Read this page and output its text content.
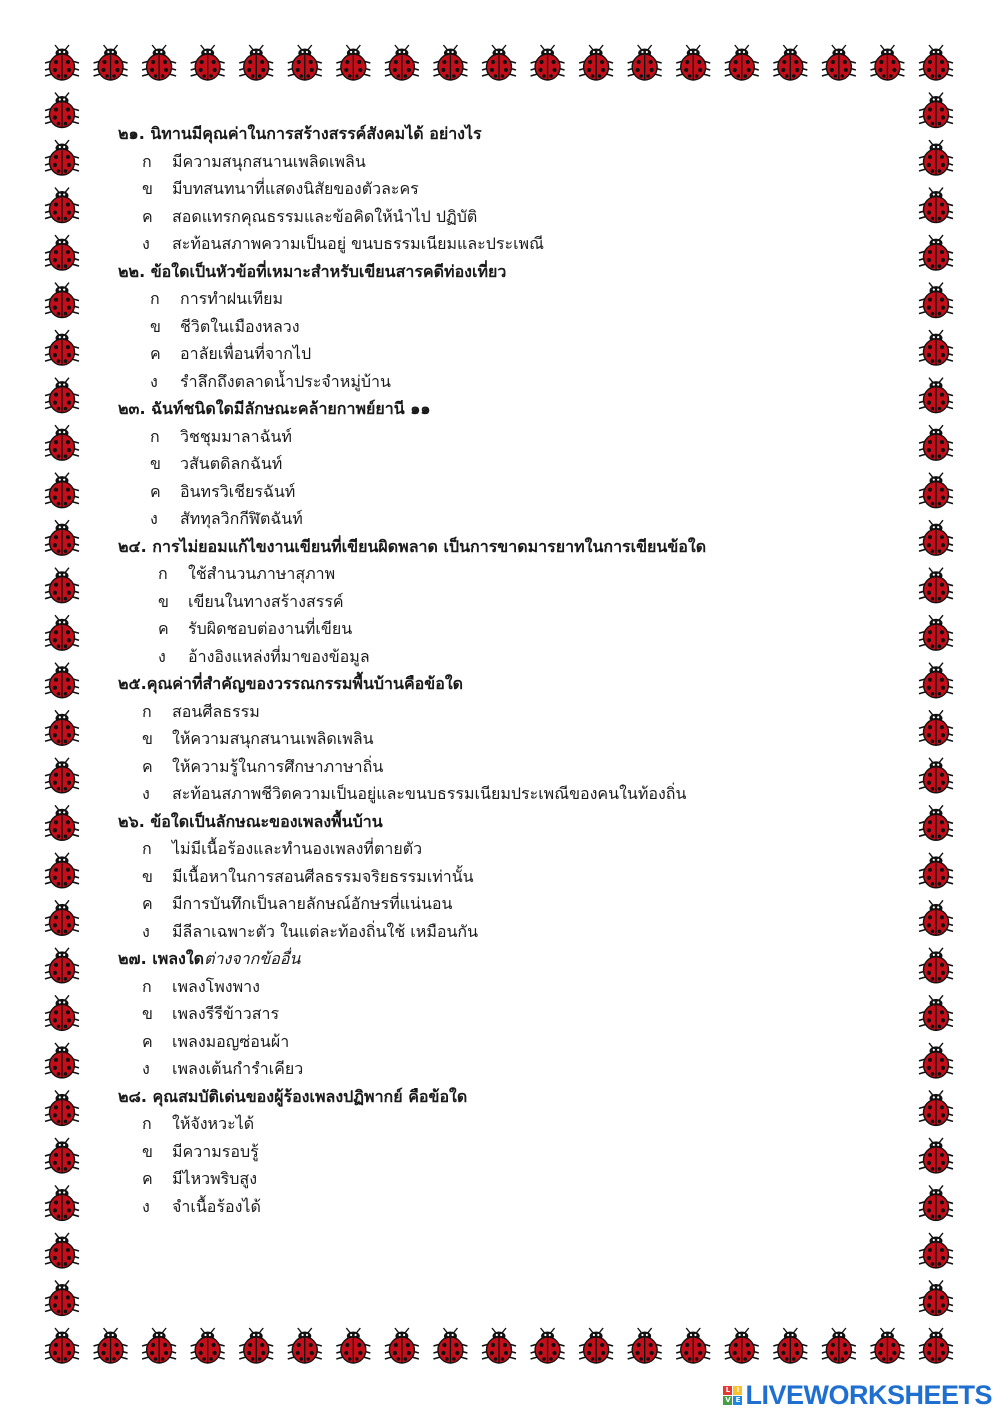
๒๑. นิทานมีคุณค่าในการสร้างสรรค์สังคมได้ อย่างไร
ก	มีความสนุกสนานเพลิดเพลิน
ข	มีบทสนทนาที่แสดงนิสัยของตัวละคร
ค	สอดแทรกคุณธรรมและข้อคิดให้นำไป ปฏิบัติ
ง	สะท้อนสภาพความเป็นอยู่ ขนบธรรมเนียมและประเพณี
๒๒. ข้อใดเป็นหัวข้อที่เหมาะสำหรับเขียนสารคดีท่องเที่ยว
ก	การทำฝนเทียม
ข	ชีวิตในเมืองหลวง
ค	อาลัยเพื่อนที่จากไป
ง	รำลึกถึงตลาดน้ำประจำหมู่บ้าน
๒๓. ฉันท์ชนิดใดมีลักษณะคล้ายกาพย์ยานี ๑๑
ก	วิชชุมมาลาฉันท์
ข	วสันตดิลกฉันท์
ค	อินทรวิเชียรฉันท์
ง	สัททุลวิกกีฬิตฉันท์
๒๔. การไม่ยอมแก้ไขงานเขียนที่เขียนผิดพลาด เป็นการขาดมารยาทในการเขียนข้อใด
ก	ใช้สำนวนภาษาสุภาพ
ข	เขียนในทางสร้างสรรค์
ค	รับผิดชอบต่องานที่เขียน
ง	อ้างอิงแหล่งที่มาของข้อมูล
๒๕.คุณค่าที่สำคัญของวรรณกรรมพื้นบ้านคือข้อใด
ก	สอนศีลธรรม
ข	ให้ความสนุกสนานเพลิดเพลิน
ค	ให้ความรู้ในการศึกษาภาษาถิ่น
ง	สะท้อนสภาพชีวิตความเป็นอยู่และขนบธรรมเนียมประเพณีของคนในท้องถิ่น
๒๖. ข้อใดเป็นลักษณะของเพลงพื้นบ้าน
ก	ไม่มีเนื้อร้องและทำนองเพลงที่ตายตัว
ข	มีเนื้อหาในการสอนศีลธรรมจริยธรรมเท่านั้น
ค	มีการบันทึกเป็นลายลักษณ์อักษรที่แน่นอน
ง	มีลีลาเฉพาะตัว ในแต่ละท้องถิ่นใช้ เหมือนกัน
๒๗. เพลงใดต่างจากข้ออื่น
ก	เพลงโพงพาง
ข	เพลงรีรีข้าวสาร
ค	เพลงมอญซ่อนผ้า
ง	เพลงเต้นกำรำเคียว
๒๘. คุณสมบัติเด่นของผู้ร้องเพลงปฏิพากย์ คือข้อใด
ก	ให้จังหวะได้
ข	มีความรอบรู้
ค	มีไหวพริบสูง
ง	จำเนื้อร้องได้
L I
V E LIVEWORKSHEETS
